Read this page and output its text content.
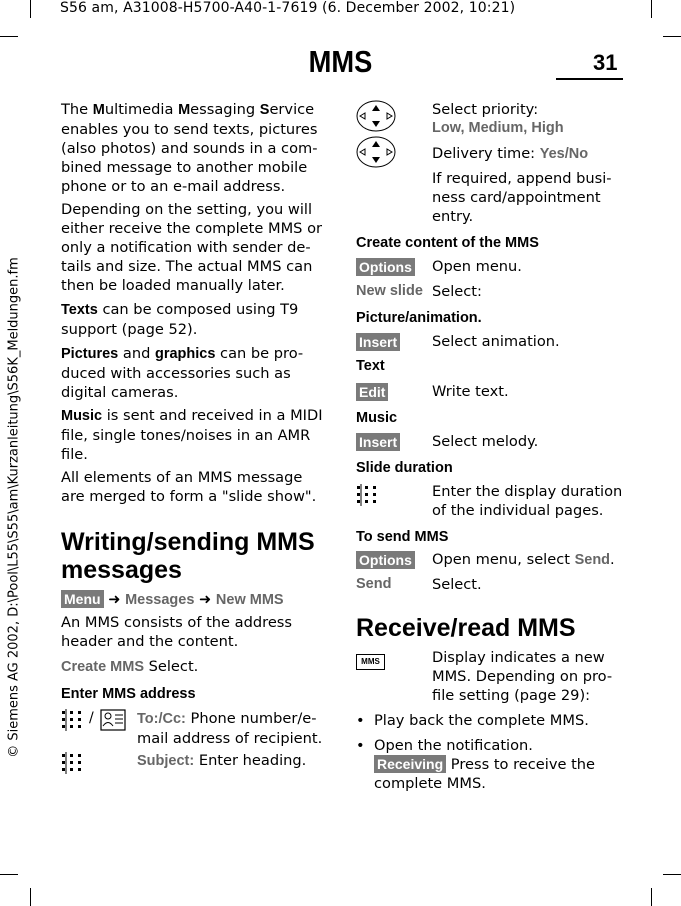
S56 am, A31008-H5700-A40-1-7619 (6. December 2002, 10:21)
© Siemens AG 2002, D:\Pool\L55\S55\am\Kurzanleitung\S56K_Meldungen.fm
MMS	31

The Multimedia Messaging Service enables you to send texts, pictures (also photos) and sounds in a com-bined message to another mobile phone or to an e-mail address.

Depending on the setting, you will either receive the complete MMS or only a notification with sender de-tails and size. The actual MMS can then be loaded manually later.

Texts can be composed using T9 support (page 52).

Pictures and graphics can be pro-duced with accessories such as digital cameras.

Music is sent and received in a MIDI file, single tones/noises in an AMR file.

All elements of an MMS message are merged to form a "slide show".

Writing/sending MMS
messages

Menu ➜ Messages ➜ New MMS

An MMS consists of the address header and the content.

Create MMS Select.

Enter MMS address
/	To:/Cc: Phone number/e-mail address of recipient.

Subject: Enter heading.

Select priority:
Low, Medium, High
Delivery time: Yes/No
If required, append busi-ness card/appointment entry.
Create content of the MMS
Options Open menu.
New slide Select:
Picture/animation.
Insert Select animation.
Text
Edit	Write text.
Music
Insert Select melody.
Slide duration
Enter the display duration of the individual pages.
To send MMS
Options Open menu, select Send.
Send	Select.
Receive/read MMS
MMS	Display indicates a new MMS. Depending on pro-file setting (page 29):
• Play back the complete MMS.
• Open the notification.
Receiving Press to receive the complete MMS.
